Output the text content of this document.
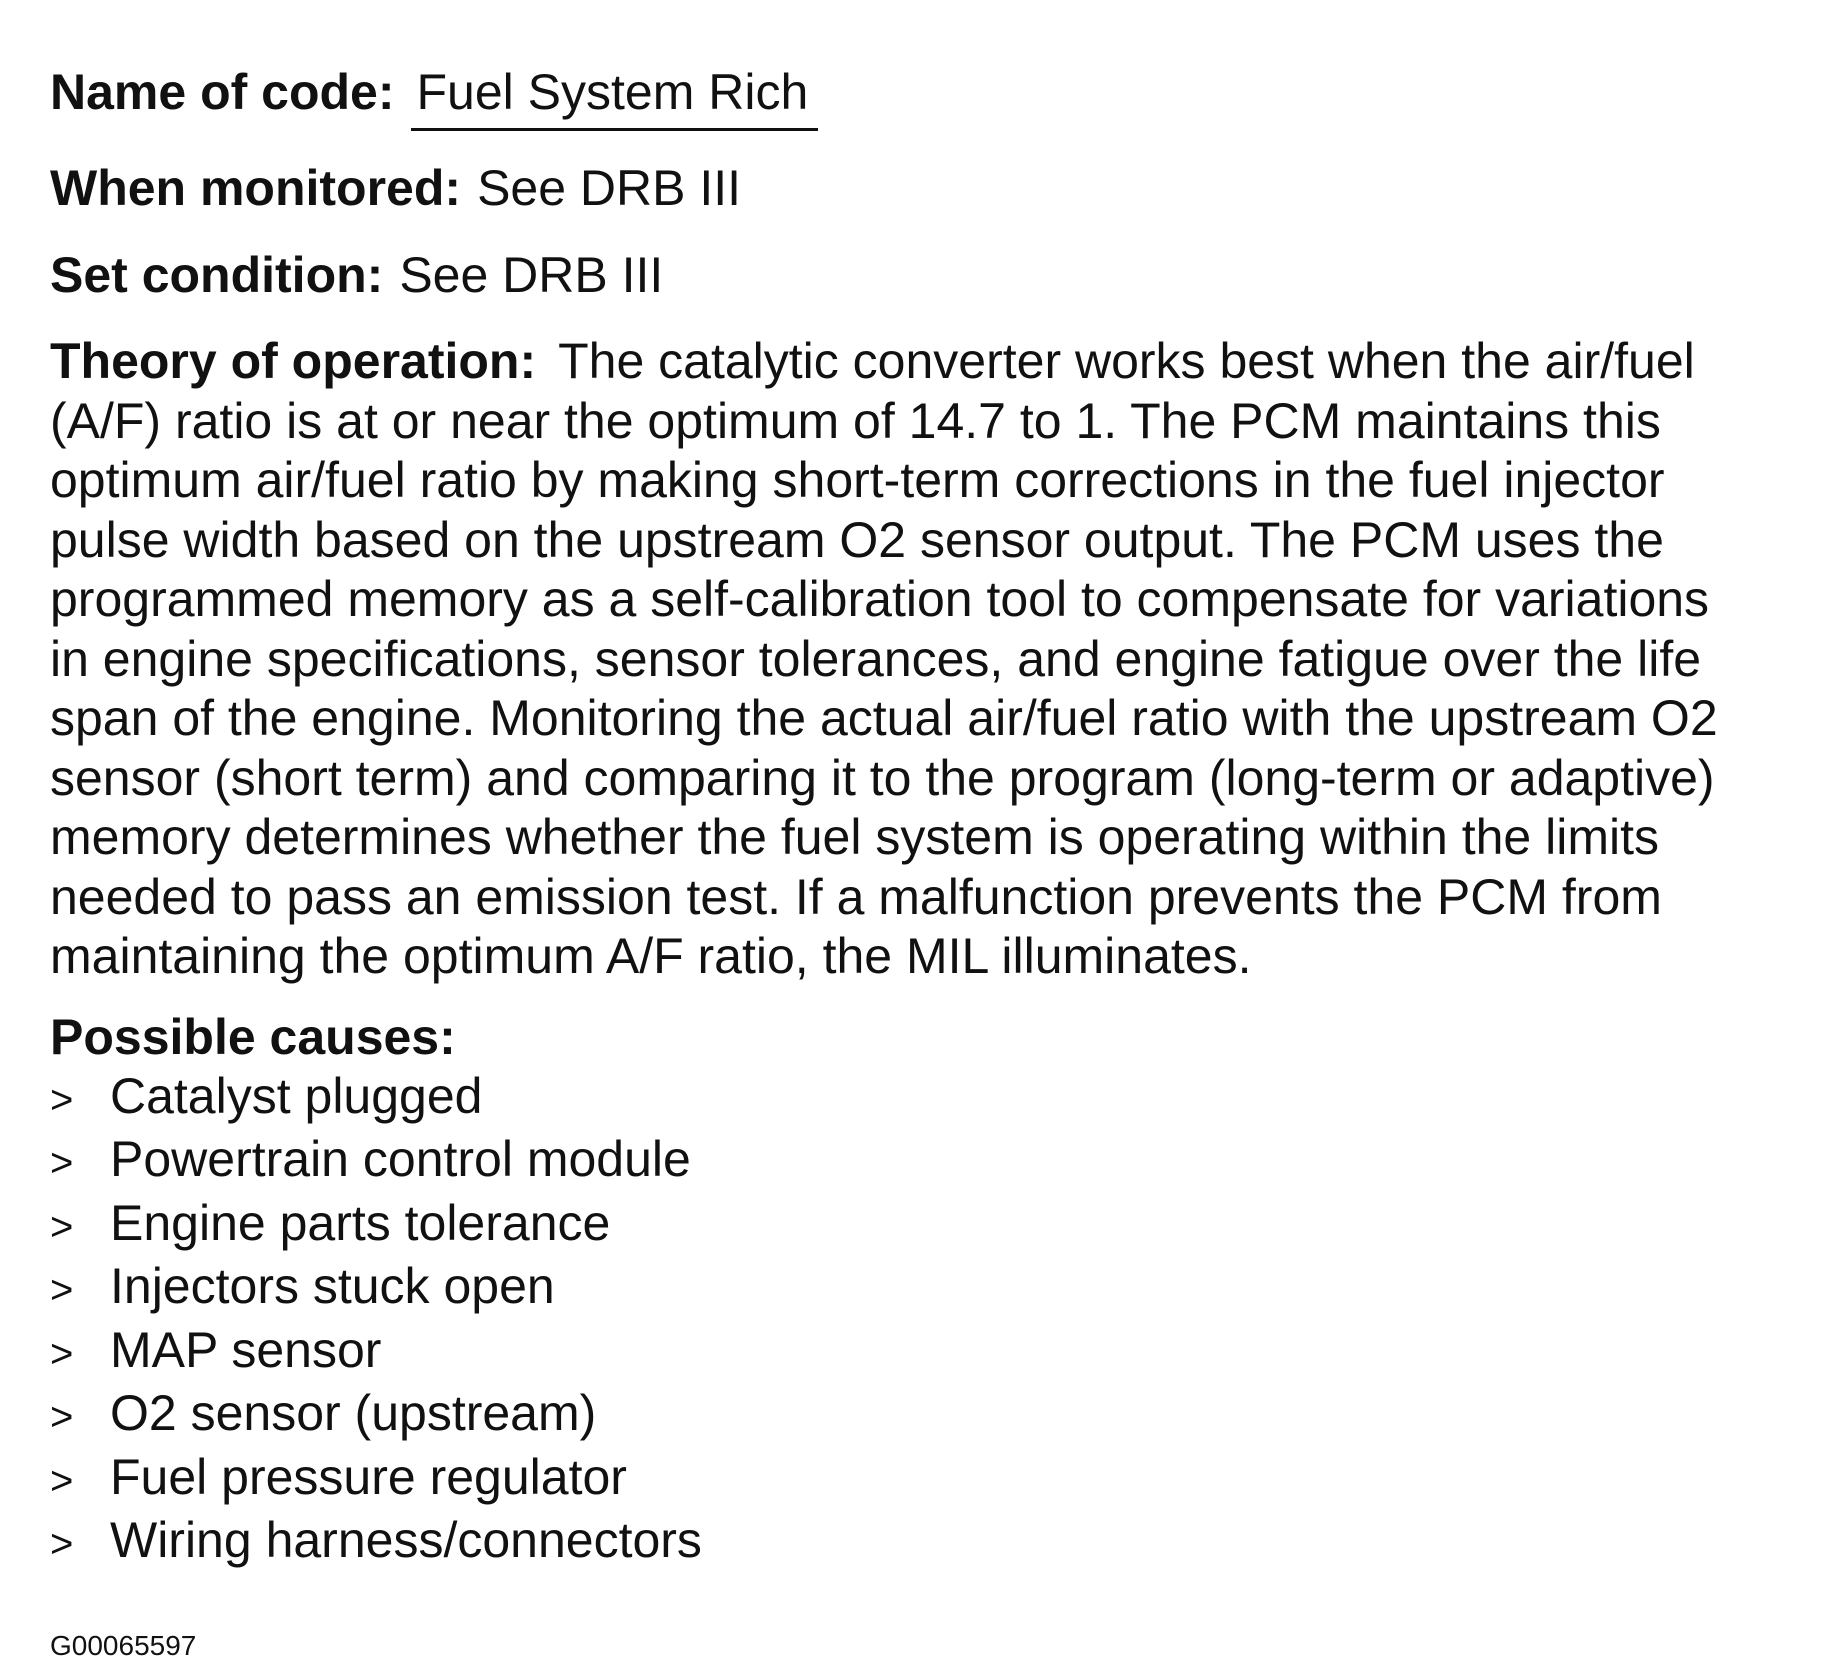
Name of code: Fuel System Rich
When monitored: See DRB III
Set condition: See DRB III
Theory of operation: The catalytic converter works best when the air/fuel
(A/F) ratio is at or near the optimum of 14.7 to 1. The PCM maintains this
optimum air/fuel ratio by making short-term corrections in the fuel injector
pulse width based on the upstream O2 sensor output. The PCM uses the
programmed memory as a self-calibration tool to compensate for variations
in engine specifications, sensor tolerances, and engine fatigue over the life
span of the engine. Monitoring the actual air/fuel ratio with the upstream O2
sensor (short term) and comparing it to the program (long-term or adaptive)
memory determines whether the fuel system is operating within the limits
needed to pass an emission test. If a malfunction prevents the PCM from
maintaining the optimum A/F ratio, the MIL illuminates.
Possible causes:
> Catalyst plugged
> Powertrain control module
> Engine parts tolerance
> Injectors stuck open
> MAP sensor
> O2 sensor (upstream)
> Fuel pressure regulator
> Wiring harness/connectors
G00065597
